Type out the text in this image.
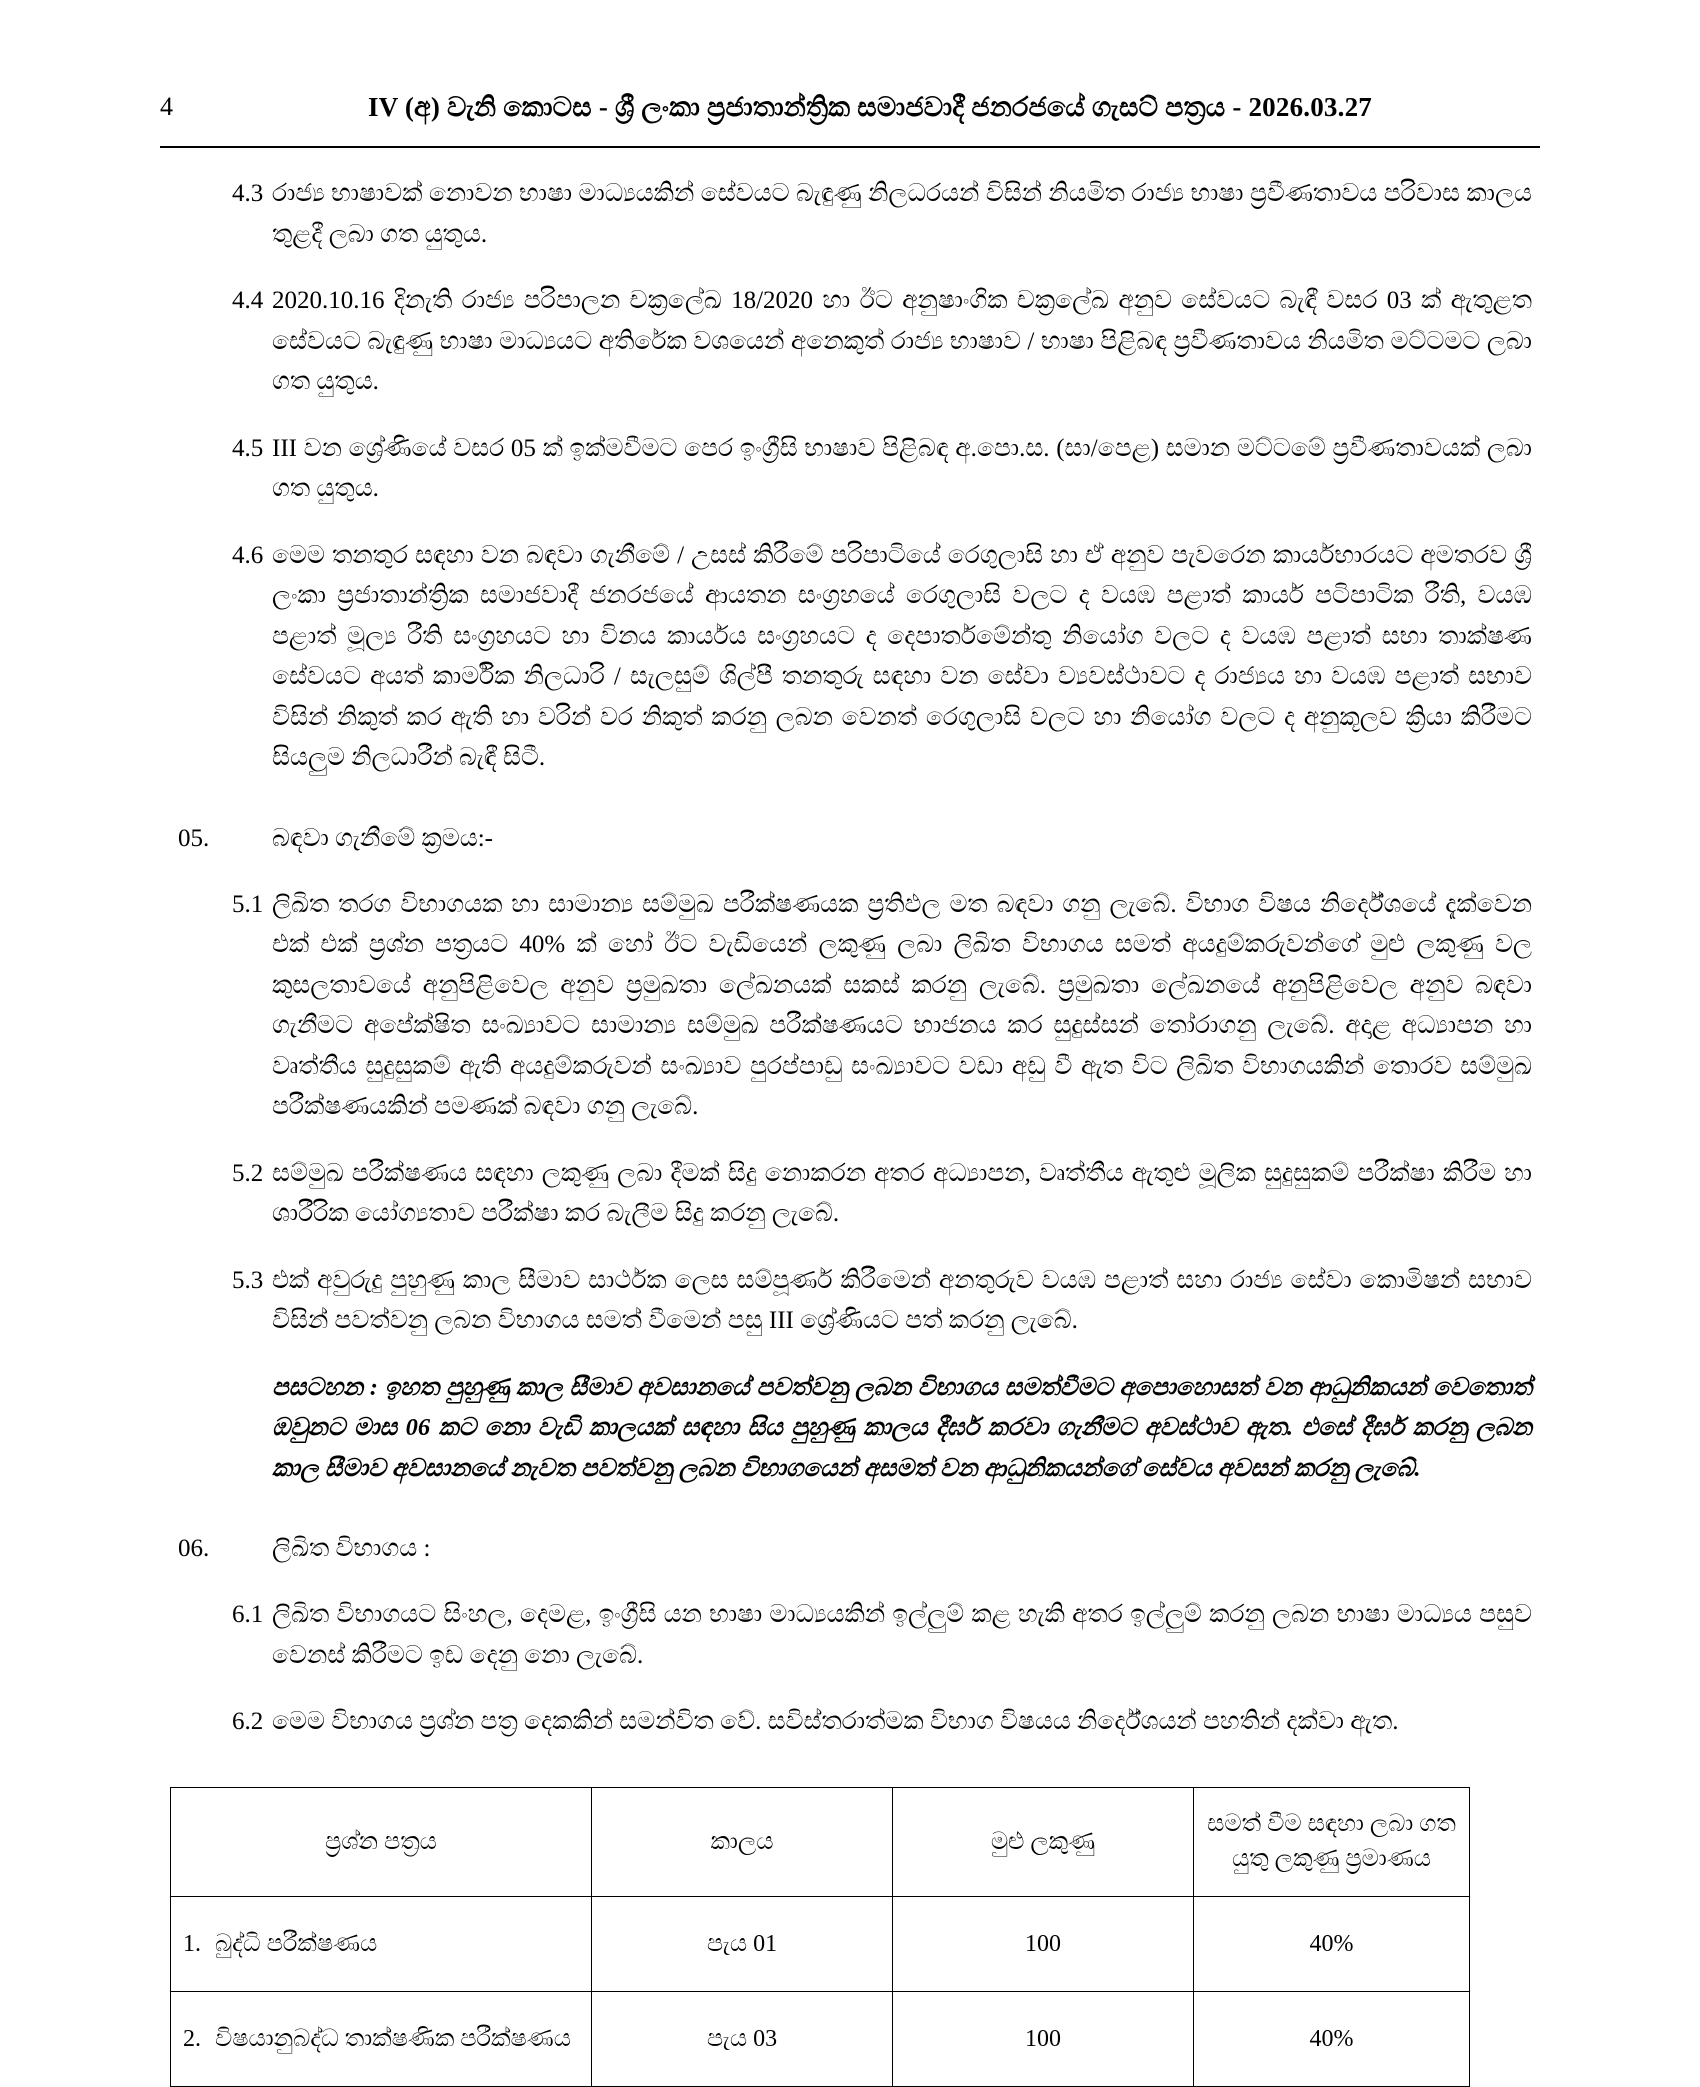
4	IV (අ) වැනි කොටස - ශ්‍රී ලංකා ප්‍රජාතාන්ත්‍රික සමාජවාදී ජනරජයේ ගැසට් පත්‍රය - 2026.03.27
4.3 රාජ්‍ය භාෂාවක් නොවන භාෂා මාධ්‍යයකින් සේවයට බැඳුණු නිලධරයන් විසින් නියමිත රාජ්‍ය භාෂා ප්‍රවීණතාවය පරිවාස කාලය තුළදී ලබා ගත යුතුය.
4.4 2020.10.16 දිනැති රාජ්‍ය පරිපාලන චක්‍රලේඛ 18/2020 හා ඊට අනුෂාංගික චක්‍රලේඛ අනුව සේවයට බැඳී වසර 03 ක් ඇතුළත සේවයට බැඳුණු භාෂා මාධ්‍යයට අතිරේක වශයෙන් අනෙකුත් රාජ්‍ය භාෂාව / භාෂා පිළිබඳ ප්‍රවීණතාවය නියමිත මට්ටමට ලබා ගත යුතුය.
4.5 III වන ශ්‍රේණියේ වසර 05 ක් ඉක්මවීමට පෙර ඉංග්‍රීසි භාෂාව පිළිබඳ අ.පො.ස. (සා/පෙළ) සමාන මට්ටමේ ප්‍රවීණතාවයක් ලබා ගත යුතුය.
4.6 මෙම තනතුර සඳහා වන බඳවා ගැනීමේ / උසස් කිරීමේ පරිපාටියේ රෙගුලාසි හා ඒ අනුව පැවරෙන කාර්යභාරයට අමතරව ශ්‍රී ලංකා ප්‍රජාතාන්ත්‍රික සමාජවාදී ජනරජයේ ආයතන සංග්‍රහයේ රෙගුලාසි වලට ද වයඹ පළාත් කාර්ය පටිපාටික රීති, වයඹ පළාත් මූල්‍ය රීති සංග්‍රහයට හා විනය කාර්යය සංග්‍රහයට ද දෙපාර්තමේන්තු නියෝග වලට ද වයඹ පළාත් සභා තාක්ෂණ සේවයට අයත් කාර්මික නිලධාරි / සැලසුම් ශිල්පී තනතුරු සඳහා වන සේවා ව්‍යවස්ථාවට ද රාජ්‍යය හා වයඹ පළාත් සභාව විසින් නිකුත් කර ඇති හා වරින් වර නිකුත් කරනු ලබන වෙනත් රෙගුලාසි වලට හා නියෝග වලට ද අනුකූලව ක්‍රියා කිරීමට සියලුම නිලධාරීන් බැඳී සිටී.
05.	බඳවා ගැනීමේ ක්‍රමය:-
5.1 ලිඛිත තරග විභාගයක හා සාමාන්‍ය සම්මුඛ පරීක්ෂණයක ප්‍රතිඵල මත බඳවා ගනු ලැබේ. විභාග විෂය නිර්දේශයේ දැක්වෙන එක් එක් ප්‍රශ්න පත්‍රයට 40% ක් හෝ ඊට වැඩියෙන් ලකුණු ලබා ලිඛිත විභාගය සමත් අයදුම්කරුවන්ගේ මුළු ලකුණු වල කුසලතාවයේ අනුපිළිවෙල අනුව ප්‍රමුඛතා ලේඛනයක් සකස් කරනු ලැබේ. ප්‍රමුඛතා ලේඛනයේ අනුපිළිවෙල අනුව බඳවා ගැනීමට අපේක්ෂිත සංඛ්‍යාවට සාමාන්‍ය සම්මුඛ පරීක්ෂණයට භාජනය කර සුදුස්සන් තෝරාගනු ලැබේ. අදාළ අධ්‍යාපන හා වෘත්තීය සුදුසුකම් ඇති අයදුම්කරුවන් සංඛ්‍යාව පුරප්පාඩු සංඛ්‍යාවට වඩා අඩු වී ඇත විට ලිඛිත විභාගයකින් තොරව සම්මුඛ පරීක්ෂණයකින් පමණක් බඳවා ගනු ලැබේ.
5.2 සම්මුඛ පරීක්ෂණය සඳහා ලකුණු ලබා දීමක් සිදු නොකරන අතර අධ්‍යාපන, වෘත්තීය ඇතුළු මූලික සුදුසුකම් පරීක්ෂා කිරීම හා ශාරීරික යෝග්‍යතාව පරීක්ෂා කර බැලීම සිදු කරනු ලැබේ.
5.3 එක් අවුරුදු පුහුණු කාල සීමාව සාර්ථක ලෙස සම්පූර්ණ කිරීමෙන් අනතුරුව වයඹ පළාත් සහා රාජ්‍ය සේවා කොමිෂන් සභාව විසින් පවත්වනු ලබන විභාගය සමත් වීමෙන් පසු III ශ්‍රේණියට පත් කරනු ලැබේ.
පසටහන : ඉහත පුහුණු කාල සීමාව අවසානයේ පවත්වනු ලබන විභාගය සමත්වීමට අපොහොසත් වන ආධුනිකයන් වෙතොත් ඔවුනට මාස 06 කට නො වැඩි කාලයක් සඳහා සිය පුහුණු කාලය දීර්ඝ කරවා ගැනීමට අවස්ථාව ඇත. එසේ දීර්ඝ කරනු ලබන කාල සීමාව අවසානයේ නැවත පවත්වනු ලබන විභාගයෙන් අසමත් වන ආධුනිකයන්ගේ සේවය අවසන් කරනු ලැබේ.
06.	ලිඛිත විභාගය :
6.1 ලිඛිත විභාගයට සිංහල, දෙමළ, ඉංග්‍රීසි යන භාෂා මාධ්‍යයකින් ඉල්ලුම් කළ හැකි අතර ඉල්ලුම් කරනු ලබන භාෂා මාධ්‍යය පසුව වෙනස් කිරීමට ඉඩ දෙනු නො ලැබේ.
6.2 මෙම විභාගය ප්‍රශ්න පත්‍ර දෙකකින් සමන්විත වේ. සවිස්තරාත්මක විභාග විෂයය නිර්දේශයන් පහතින් දක්වා ඇත.
ප්‍රශ්න පත්‍රය	කාලය	මුළු ලකුණු	සමත් වීම සඳහා ලබා ගත යුතු ලකුණු ප්‍රමාණය

1. බුද්ධි පරීක්ෂණය	පැය 01	100	40%

2. විෂයානුබද්ධ තාක්ෂණික පරීක්ෂණය	පැය 03	100	40%
